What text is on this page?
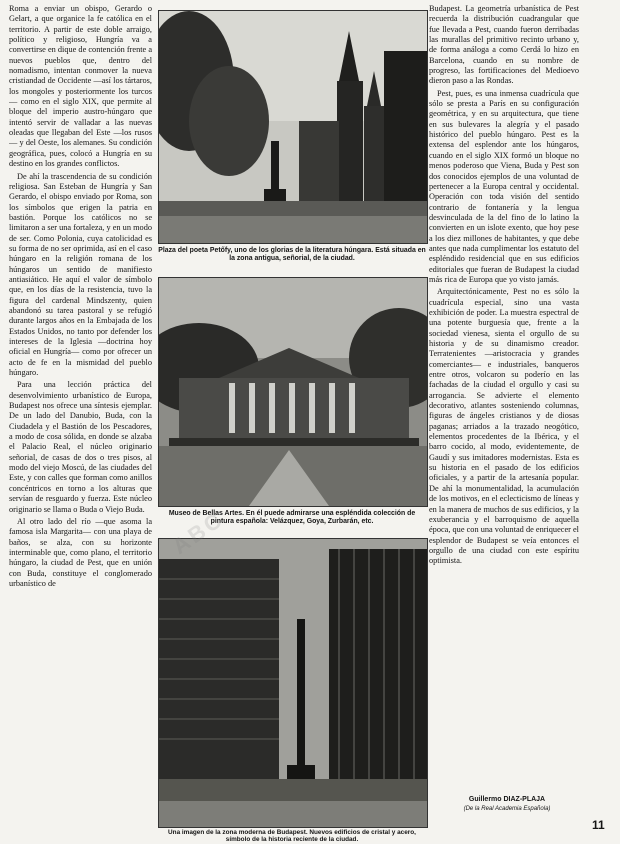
Roma a enviar un obispo, Gerardo o Gelart, a que organice la fe católica en el territorio. A partir de este doble arraigo, político y religioso, Hungría va a convertirse en dique de contención frente a nuevos pueblos que, dentro del nomadismo, intentan conmover la nueva cristiandad de Occidente —así los tártaros, los mongoles y posteriormente los turcos— como en el siglo XIX, que permite al bloque del imperio austro-húngaro que intentó servir de valladar a las nuevas oleadas que llegaban del Este —los rusos— y del Oeste, los alemanes. Su condición geográfica, pues, colocó a Hungría en su destino en los grandes conflictos.

De ahí la trascendencia de su condición religiosa. San Esteban de Hungría y San Gerardo, el obispo enviado por Roma, son los símbolos que erigen la patria en bastión. Porque los católicos no se limitaron a ser una fortaleza, y en un modo de ser. Como Polonia, cuya catolicidad es su forma de no ser oprimida, así en el caso húngaro en la religión romana de los húngaros un sentido de manifiesto antiasiático. He aquí el valor de símbolo que, en los días de la resistencia, tuvo la figura del cardenal Mindszenty, quien abandonó su tarea pastoral y se refugió durante largos años en la Embajada de los Estados Unidos, no tanto por defender los intereses de la Iglesia —doctrina hoy oficial en Hungría— como por ofrecer un acto de fe en la mismidad del pueblo húngaro.

Para una lección práctica del desenvolvimiento urbanístico de Europa, Budapest nos ofrece una síntesis ejemplar. De un lado del Danubio, Buda, con la Ciudadela y el Bastión de los Pescadores, a modo de cosa sólida, en donde se alzaba el Palacio Real, el núcleo originario señorial, de casas de dos o tres pisos, al modo del viejo Moscú, de las ciudades del Este, y con calles que forman como anillos concéntricos en torno a los alturas que servían de resguardo y fuerza. Este núcleo originario se llama o Buda o Viejo Buda.

Al otro lado del río —que asoma la famosa isla Margarita— con una playa de baños, se alza, con su horizonte interminable que, como plano, el territorio húngaro, la ciudad de Pest, que en unión con Buda, constituye el conglomerado urbanístico de

Plaza del poeta Petőfy, uno de los glorias de la literatura húngara. Está situada en la zona antigua, señorial, de la ciudad.
Museo de Bellas Artes. En él puede admirarse una espléndida colección de pintura española: Velázquez, Goya, Zurbarán, etc.
Una imagen de la zona moderna de Budapest. Nuevos edificios de cristal y acero, símbolo de la historia reciente de la ciudad.

Budapest. La geometría urbanística de Pest recuerda la distribución cuadrangular que fue llevada a Pest, cuando fueron derribadas las murallas del primitivo recinto urbano y, de forma análoga a como Cerdá lo hizo en Barcelona, cuando en su nombre de progreso, las fortificaciones del Medioevo dieron paso a las Rondas.

Pest, pues, es una inmensa cuadrícula que sólo se presta a París en su configuración geométrica, y en su arquitectura, que tiene en sus bulevares la alegría y el pasado histórico del pueblo húngaro. Pest es la extensa del esplendor ante los húngaros, cuando en el siglo XIX formó un bloque no menos poderoso que Viena, Buda y Pest son dos conocidos ejemplos de una voluntad de pertenecer a la Europa central y occidental. Operación con toda visión del sentido contrario de fontanería y la lengua desvinculada de la del fino de lo latino la convierten en un islote exento, que hoy pese a los diez millones de habitantes, y que debe antes que nada cumplimentar los estatuto del espléndido residencial que en sus edificios editoriales que fueran de Budapest la ciudad más rica de Europa que yo visto jamás.

Arquitectónicamente, Pest no es sólo la cuadrícula especial, sino una vasta exhibición de poder. La muestra espectral de una potente burguesía que, frente a la sociedad vienesa, sienta el orgullo de su historia y de su dinamismo creador. Terratenientes —aristocracia y grandes comerciantes— e industriales, banqueros entre otros, volcaron su poderío en las fachadas de la ciudad el orgullo y casi su arrogancia. Se advierte el elemento decorativo, atlantes sosteniendo columnas, figuras de ángeles cristianos y de diosas paganas; arriados a la trazado neogótico, elementos procedentes de la Ibérica, y el barro cocido, al modo, evidentemente, de Gaudí y sus imitadores modernistas. Esta es su historia en el pasado de los edificios oficiales, y a partir de la artesanía popular. De ahí la monumentalidad, la acumulación de los motivos, en el eclecticismo de líneas y en la manera de muchos de sus edificios, y la exuberancia y el barroquismo de aquella época, que con una voluntad de enriquecer el esplendor de Budapest se veía entonces el orgullo de una ciudad con este espíritu optimista.

Guillermo DIAZ-PLAJA
(De la Real Academia Española)
11
ABC
